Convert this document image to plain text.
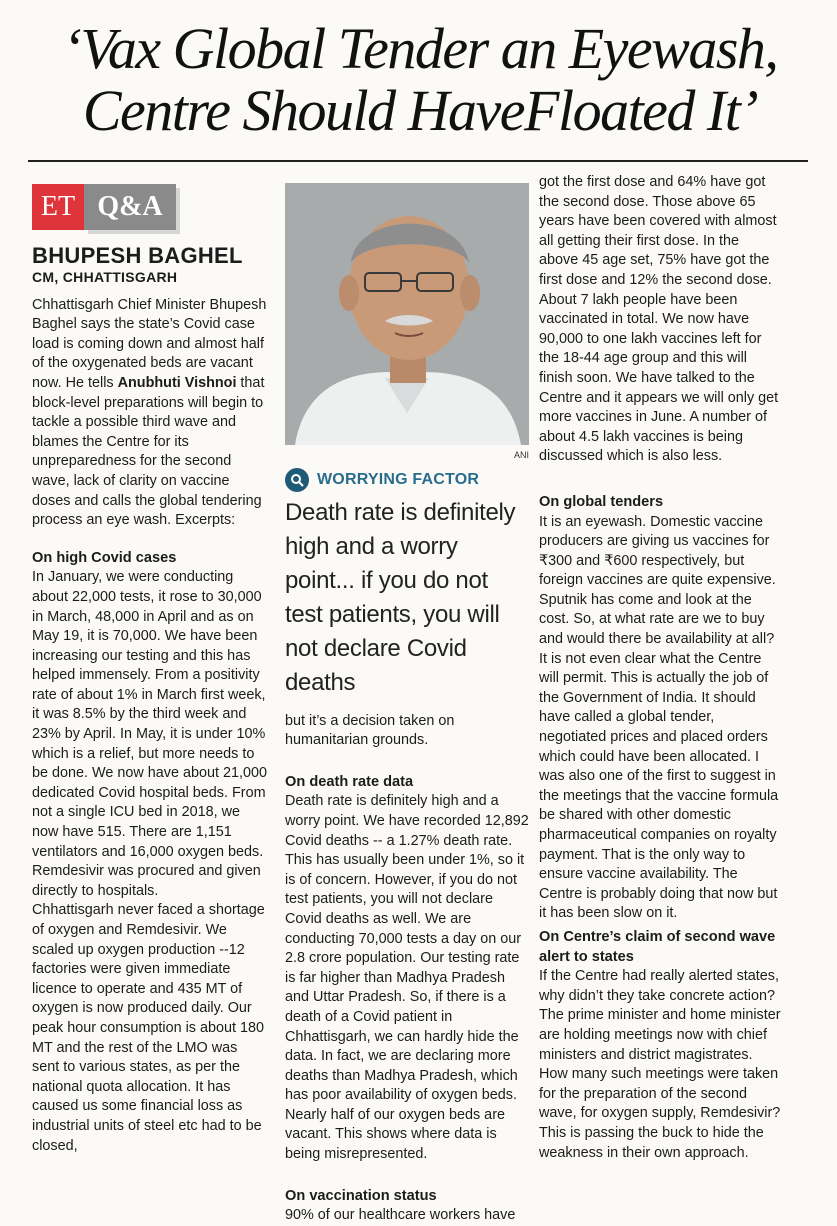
‘Vax Global Tender an Eyewash,
Centre Should HaveFloated It’
ET Q&A
BHUPESH BAGHEL
CM, CHHATTISGARH

Chhattisgarh Chief Minister Bhupesh Baghel says the state’s Covid case load is coming down and almost half of the oxygenated beds are vacant now. He tells Anubhuti Vishnoi that block-level preparations will begin to tackle a possible third wave and blames the Centre for its unpreparedness for the second wave, lack of clarity on vaccine doses and calls the global tendering process an eye wash. Excerpts:

On high Covid cases

In January, we were conducting about 22,000 tests, it rose to 30,000 in March, 48,000 in April and as on May 19, it is 70,000. We have been increasing our testing and this has helped immensely. From a positivity rate of about 1% in March first week, it was 8.5% by the third week and 23% by April. In May, it is under 10% which is a relief, but more needs to be done. We now have about 21,000 dedicated Covid hospital beds. From not a single ICU bed in 2018, we now have 515. There are 1,151 ventilators and 16,000 oxygen beds. Remdesivir was procured and given directly to hospitals.

Chhattisgarh never faced a shortage of oxygen and Remdesivir. We scaled up oxygen production --12 factories were given immediate licence to operate and 435 MT of oxygen is now produced daily. Our peak hour consumption is about 180 MT and the rest of the LMO was sent to various states, as per the national quota allocation. It has caused us some financial loss as industrial units of steel etc had to be closed,

ANI
WORRYING FACTOR
Death rate is definitely high and a worry point... if you do not test patients, you will not declare Covid deaths

but it’s a decision taken on humanitarian grounds.

On death rate data

Death rate is definitely high and a worry point. We have recorded 12,892 Covid deaths -- a 1.27% death rate. This has usually been under 1%, so it is of concern. However, if you do not test patients, you will not declare Covid deaths as well. We are conducting 70,000 tests a day on our 2.8 crore population. Our testing rate is far higher than Madhya Pradesh and Uttar Pradesh. So, if there is a death of a Covid patient in Chhattisgarh, we can hardly hide the data. In fact, we are declaring more deaths than Madhya Pradesh, which has poor availability of oxygen beds. Nearly half of our oxygen beds are vacant. This shows where data is being misrepresented.

On vaccination status

90% of our healthcare workers have

got the first dose and 64% have got the second dose. Those above 65 years have been covered with almost all getting their first dose. In the above 45 age set, 75% have got the first dose and 12% the second dose. About 7 lakh people have been vaccinated in total. We now have 90,000 to one lakh vaccines left for the 18-44 age group and this will finish soon. We have talked to the Centre and it appears we will only get more vaccines in June. A number of about 4.5 lakh vaccines is being discussed which is also less.

On global tenders

It is an eyewash. Domestic vaccine producers are giving us vaccines for ₹300 and ₹600 respectively, but foreign vaccines are quite expensive. Sputnik has come and look at the cost. So, at what rate are we to buy and would there be availability at all? It is not even clear what the Centre will permit. This is actually the job of the Government of India. It should have called a global tender, negotiated prices and placed orders which could have been allocated. I was also one of the first to suggest in the meetings that the vaccine formula be shared with other domestic pharmaceutical companies on royalty payment. That is the only way to ensure vaccine availability. The Centre is probably doing that now but it has been slow on it.

On Centre’s claim of second wave alert to states

If the Centre had really alerted states, why didn’t they take concrete action? The prime minister and home minister are holding meetings now with chief ministers and district magistrates. How many such meetings were taken for the preparation of the second wave, for oxygen supply, Remdesivir? This is passing the buck to hide the weakness in their own approach.
